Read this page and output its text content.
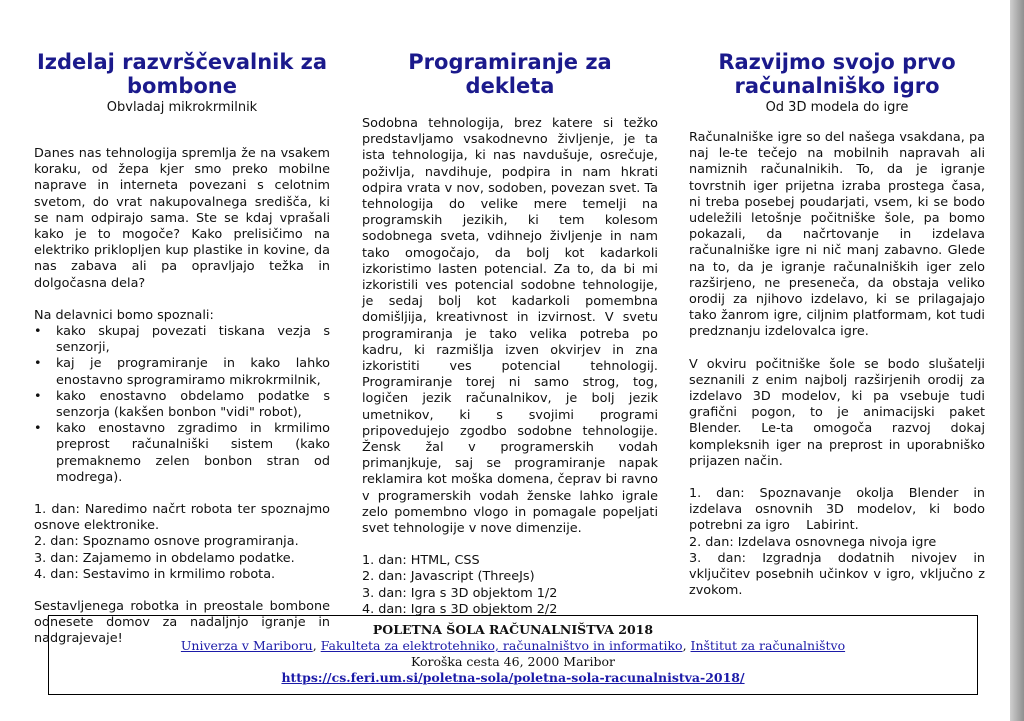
Izdelaj razvrščevalnik za bombone
Obvladaj mikrokrmilnik

Danes nas tehnologija spremlja že na vsakem koraku, od žepa kjer smo preko mobilne naprave in interneta povezani s celotnim svetom, do vrat nakupovalnega središča, ki se nam odpirajo sama. Ste se kdaj vprašali kako je to mogoče? Kako prelisičimo na elektriko priklopljen kup plastike in kovine, da nas zabava ali pa opravljajo težka in dolgočasna dela?

Na delavnici bomo spoznali:

• kako skupaj povezati tiskana vezja s senzorji,
• kaj je programiranje in kako lahko enostavno sprogramiramo mikrokrmilnik,
• kako enostavno obdelamo podatke s senzorja (kakšen bonbon "vidi" robot),
• kako enostavno zgradimo in krmilimo preprost računalniški sistem (kako premaknemo zelen bonbon stran od modrega).
1. dan: Naredimo načrt robota ter spoznajmo osnove elektronike.
2. dan: Spoznamo osnove programiranja.
3. dan: Zajamemo in obdelamo podatke.
4. dan: Sestavimo in krmilimo robota.

Sestavljenega robotka in preostale bombone odnesete domov za nadaljnjo igranje in nadgrajevaje!

Programiranje za dekleta

Sodobna tehnologija, brez katere si težko predstavljamo vsakodnevno življenje, je ta ista tehnologija, ki nas navdušuje, osrečuje, poživlja, navdihuje, podpira in nam hkrati odpira vrata v nov, sodoben, povezan svet. Ta tehnologija do velike mere temelji na programskih jezikih, ki tem kolesom sodobnega sveta, vdihnejo življenje in nam tako omogočajo, da bolj kot kadarkoli izkoristimo lasten potencial. Za to, da bi mi izkoristili ves potencial sodobne tehnologije, je sedaj bolj kot kadarkoli pomembna domišljija, kreativnost in izvirnost. V svetu programiranja je tako velika potreba po kadru, ki razmišlja izven okvirjev in zna izkoristiti ves potencial tehnologij. Programiranje torej ni samo strog, tog, logičen jezik računalnikov, je bolj jezik umetnikov, ki s svojimi programi pripovedujejo zgodbo sodobne tehnologije. Žensk žal v programerskih vodah primanjkuje, saj se programiranje napak reklamira kot moška domena, čeprav bi ravno v programerskih vodah ženske lahko igrale zelo pomembno vlogo in pomagale popeljati svet tehnologije v nove dimenzije.

1. dan: HTML, CSS
2. dan: Javascript (ThreeJs)
3. dan: Igra s 3D objektom 1/2
4. dan: Igra s 3D objektom 2/2
Razvijmo svojo prvo računalniško igro
Od 3D modela do igre

Računalniške igre so del našega vsakdana, pa naj le-te tečejo na mobilnih napravah ali namiznih računalnikih. To, da je igranje tovrstnih iger prijetna izraba prostega časa, ni treba posebej poudarjati, vsem, ki se bodo udeležili letošnje počitniške šole, pa bomo pokazali, da načrtovanje in izdelava računalniške igre ni nič manj zabavno. Glede na to, da je igranje računalniških iger zelo razširjeno, ne preseneča, da obstaja veliko orodij za njihovo izdelavo, ki se prilagajajo tako žanrom igre, ciljnim platformam, kot tudi predznanju izdelovalca igre.

V okviru počitniške šole se bodo slušatelji seznanili z enim najbolj razširjenih orodij za izdelavo 3D modelov, ki pa vsebuje tudi grafični pogon, to je animacijski paket Blender. Le-ta omogoča razvoj dokaj kompleksnih iger na preprost in uporabniško prijazen način.

1. dan: Spoznavanje okolja Blender in izdelava osnovnih 3D modelov, ki bodo potrebni za igro    Labirint.
2. dan: Izdelava osnovnega nivoja igre
3. dan: Izgradnja dodatnih nivojev in vključitev posebnih učinkov v igro, vključno z zvokom.
POLETNA ŠOLA RAČUNALNIŠTVA 2018
Univerza v Mariboru, Fakulteta za elektrotehniko, računalništvo in informatiko, Inštitut za računalništvo
Koroška cesta 46, 2000 Maribor
https://cs.feri.um.si/poletna-sola/poletna-sola-racunalnistva-2018/
